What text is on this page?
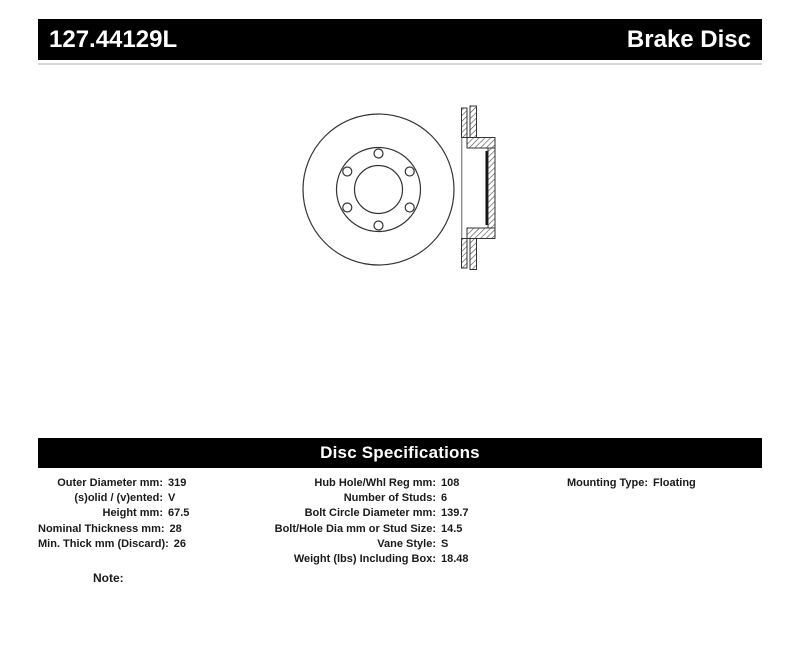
127.44129L	Brake Disc
Disc Specifications
Outer Diameter mm: 319
(s)olid / (v)ented: V
Height mm: 67.5
Nominal Thickness mm: 28
Min. Thick mm (Discard): 26
Hub Hole/Whl Reg mm: 108
Number of Studs: 6
Bolt Circle Diameter mm: 139.7
Bolt/Hole Dia mm or Stud Size: 14.5
Vane Style: S
Weight (lbs) Including Box: 18.48
Mounting Type: Floating
Note:
